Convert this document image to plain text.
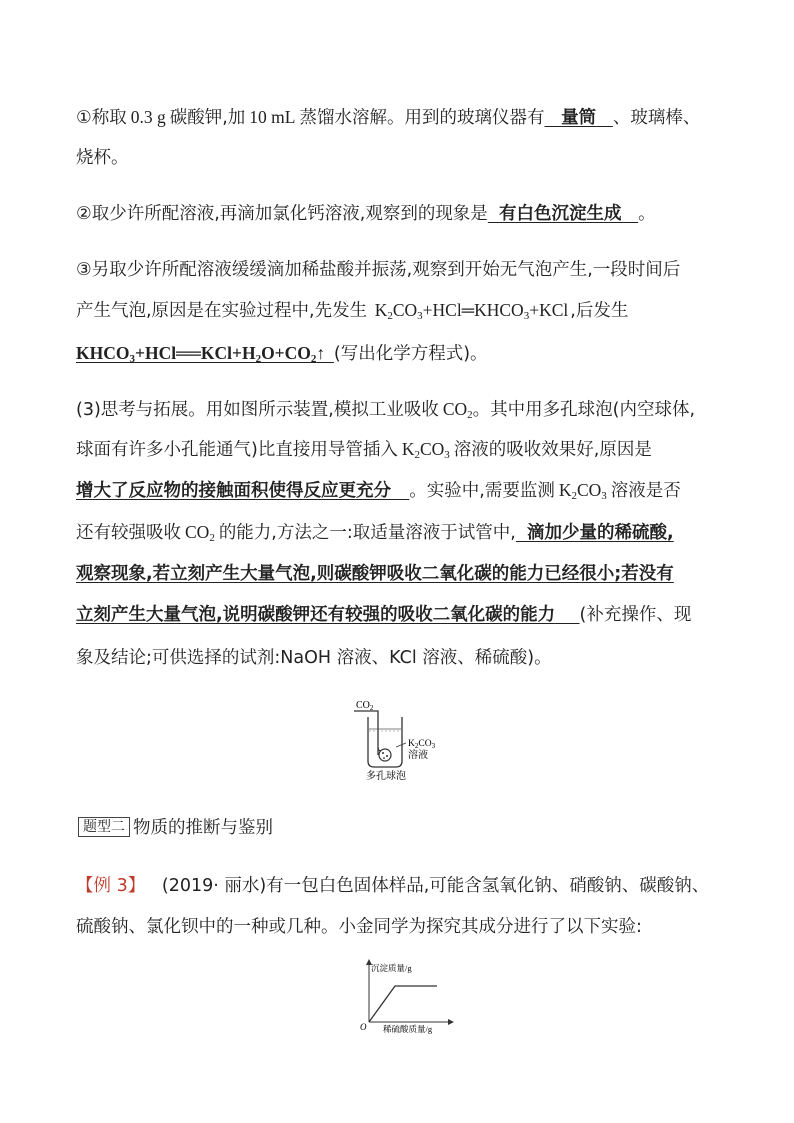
①称取 0.3 g 碳酸钾,加 10 mL 蒸馏水溶解。用到的玻璃仪器有 量筒 、玻璃棒、
烧杯。
②取少许所配溶液,再滴加氯化钙溶液,观察到的现象是 有白色沉淀生成 。
③另取少许所配溶液缓缓滴加稀盐酸并振荡,观察到开始无气泡产生,一段时间后
产生气泡,原因是在实验过程中,先发生 $K_2CO_3+HCl═KHCO_3+KCl$ ,后发生
$KHCO_3+HCl══KCl+H_2O+CO_2↑$  (写出化学方程式)。
(3)思考与拓展。用如图所示装置,模拟工业吸收 $CO_2$。其中用多孔球泡(内空球体,
球面有许多小孔能通气)比直接用导管插入 $K_2CO_3$ 溶液的吸收效果好,原因是
增大了反应物的接触面积使得反应更充分 。实验中,需要监测 $K_2CO_3$ 溶液是否
还有较强吸收 $CO_2$ 的能力,方法之一:取适量溶液于试管中, 滴加少量的稀硫酸,
观察现象,若立刻产生大量气泡,则碳酸钾吸收二氧化碳的能力已经很小;若没有
立刻产生大量气泡,说明碳酸钾还有较强的吸收二氧化碳的能力 (补充操作、现
象及结论;可供选择的试剂:NaOH 溶液、KCl 溶液、稀硫酸)。
$CO_2$
$K_2CO_3$
溶液
多孔球泡
题型二 物质的推断与鉴别
【例 3】 (2019· 丽水)有一包白色固体样品,可能含氢氧化钠、硝酸钠、碳酸钠、
硫酸钠、氯化钡中的一种或几种。小金同学为探究其成分进行了以下实验:
沉淀质量/g
稀硫酸质量/g
O
